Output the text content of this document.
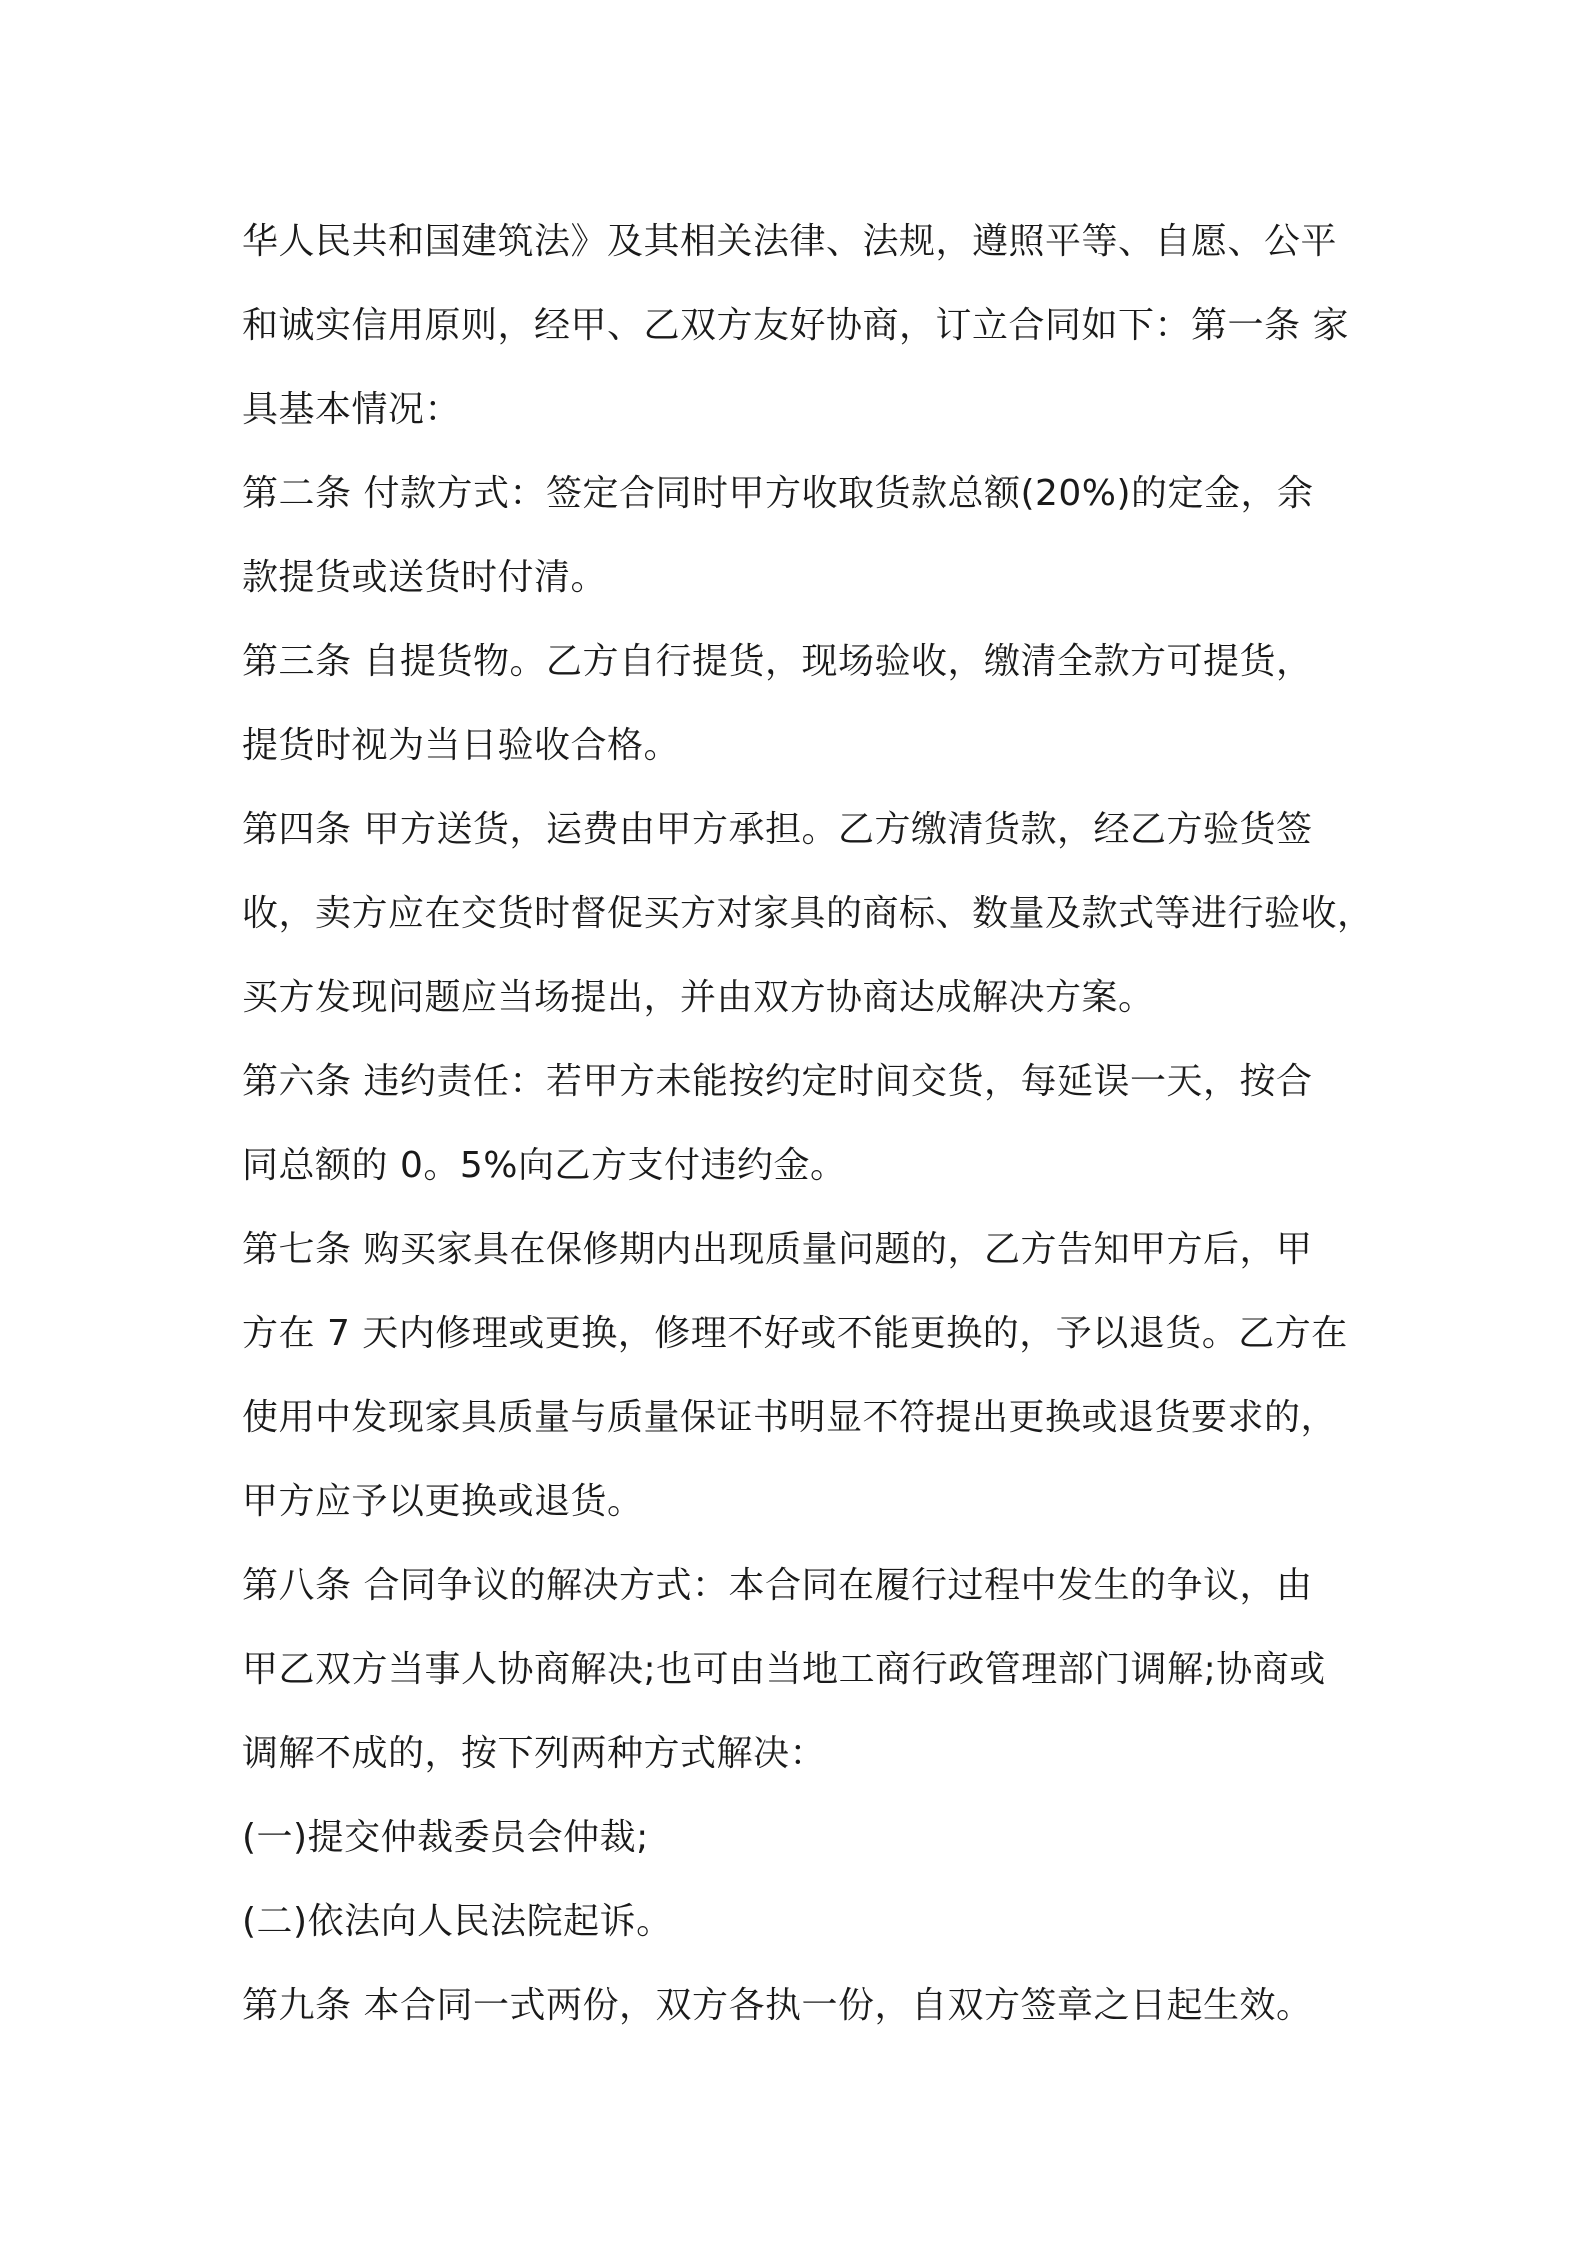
华人民共和国建筑法》及其相关法律、法规，遵照平等、自愿、公平
和诚实信用原则，经甲、乙双方友好协商，订立合同如下：第一条 家
具基本情况：
第二条 付款方式：签定合同时甲方收取货款总额(20%)的定金，余
款提货或送货时付清。
第三条 自提货物。乙方自行提货，现场验收，缴清全款方可提货，
提货时视为当日验收合格。
第四条 甲方送货，运费由甲方承担。乙方缴清货款，经乙方验货签
收，卖方应在交货时督促买方对家具的商标、数量及款式等进行验收，
买方发现问题应当场提出，并由双方协商达成解决方案。
第六条 违约责任：若甲方未能按约定时间交货，每延误一天，按合
同总额的 0。5%向乙方支付违约金。
第七条 购买家具在保修期内出现质量问题的，乙方告知甲方后，甲
方在 7 天内修理或更换，修理不好或不能更换的，予以退货。乙方在
使用中发现家具质量与质量保证书明显不符提出更换或退货要求的，
甲方应予以更换或退货。
第八条 合同争议的解决方式：本合同在履行过程中发生的争议，由
甲乙双方当事人协商解决;也可由当地工商行政管理部门调解;协商或
调解不成的，按下列两种方式解决：
(一)提交仲裁委员会仲裁;
(二)依法向人民法院起诉。
第九条 本合同一式两份，双方各执一份，自双方签章之日起生效。
